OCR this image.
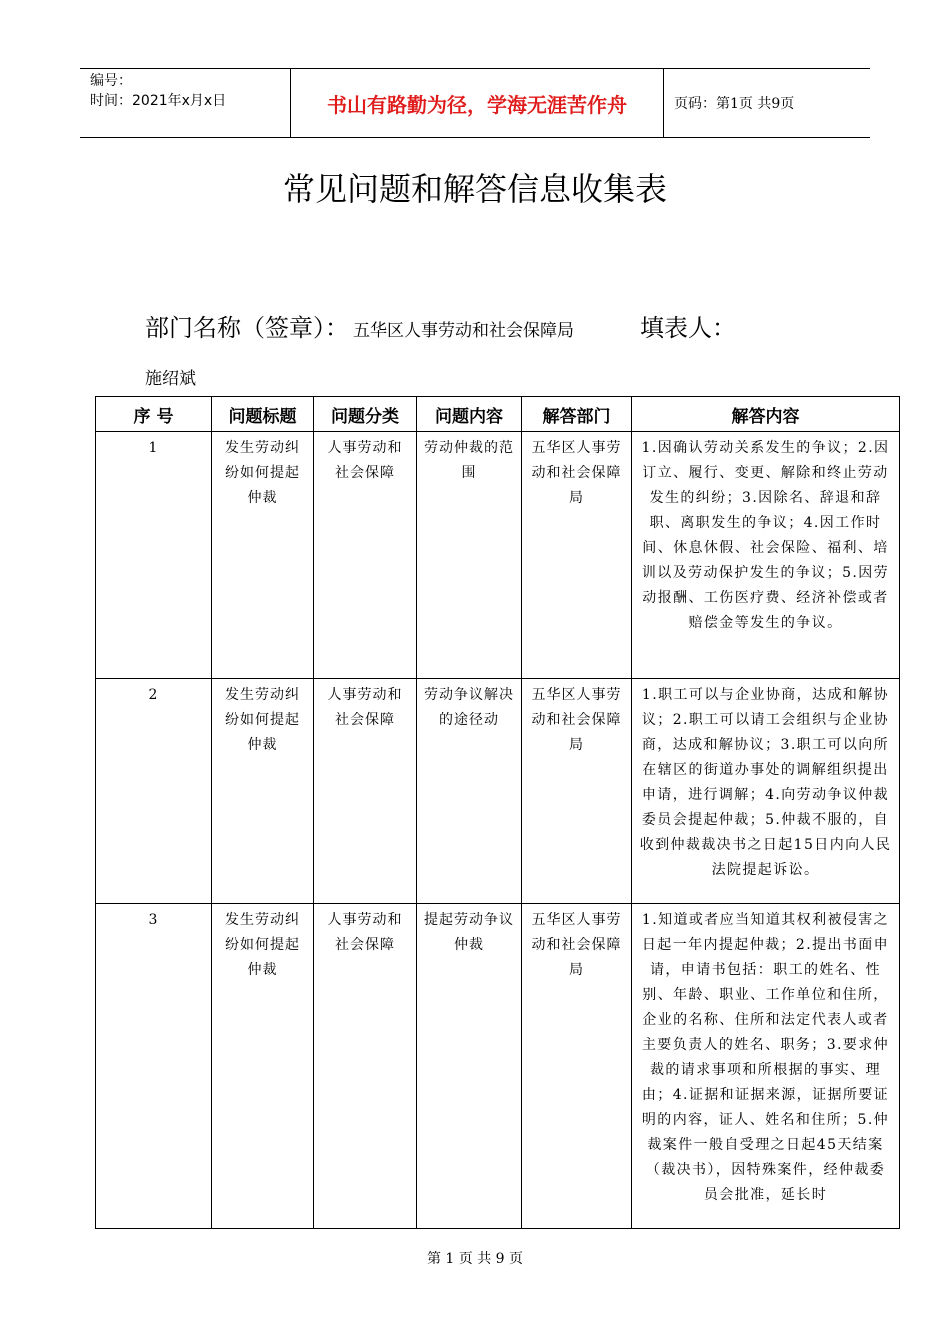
编号：
时间：2021年x月x日	书山有路勤为径，学海无涯苦作舟	页码：第1页 共9页
常见问题和解答信息收集表
部门名称（签章）： 五华区人事劳动和社会保障局	填表人：
施绍斌
序 号	问题标题	问题分类	问题内容	解答部门	解答内容
1	发生劳动纠纷如何提起仲裁	人事劳动和社会保障	劳动仲裁的范围	五华区人事劳动和社会保障局	1.因确认劳动关系发生的争议；2.因订立、履行、变更、解除和终止劳动发生的纠纷；3.因除名、辞退和辞职、离职发生的争议；4.因工作时间、休息休假、社会保险、福利、培训以及劳动保护发生的争议；5.因劳动报酬、工伤医疗费、经济补偿或者赔偿金等发生的争议。
2	发生劳动纠纷如何提起仲裁	人事劳动和社会保障	劳动争议解决的途径动	五华区人事劳动和社会保障局	1.职工可以与企业协商，达成和解协议；2.职工可以请工会组织与企业协商，达成和解协议；3.职工可以向所在辖区的街道办事处的调解组织提出申请，进行调解；4.向劳动争议仲裁委员会提起仲裁；5.仲裁不服的，自收到仲裁裁决书之日起15日内向人民法院提起诉讼。
3	发生劳动纠纷如何提起仲裁	人事劳动和社会保障	提起劳动争议仲裁	五华区人事劳动和社会保障局	1.知道或者应当知道其权利被侵害之日起一年内提起仲裁；2.提出书面申请，申请书包括：职工的姓名、性别、年龄、职业、工作单位和住所，企业的名称、住所和法定代表人或者主要负责人的姓名、职务；3.要求仲裁的请求事项和所根据的事实、理由；4.证据和证据来源，证据所要证明的内容，证人、姓名和住所；5.仲裁案件一般自受理之日起45天结案（裁决书），因特殊案件，经仲裁委员会批准，延长时
第 1 页 共 9 页
